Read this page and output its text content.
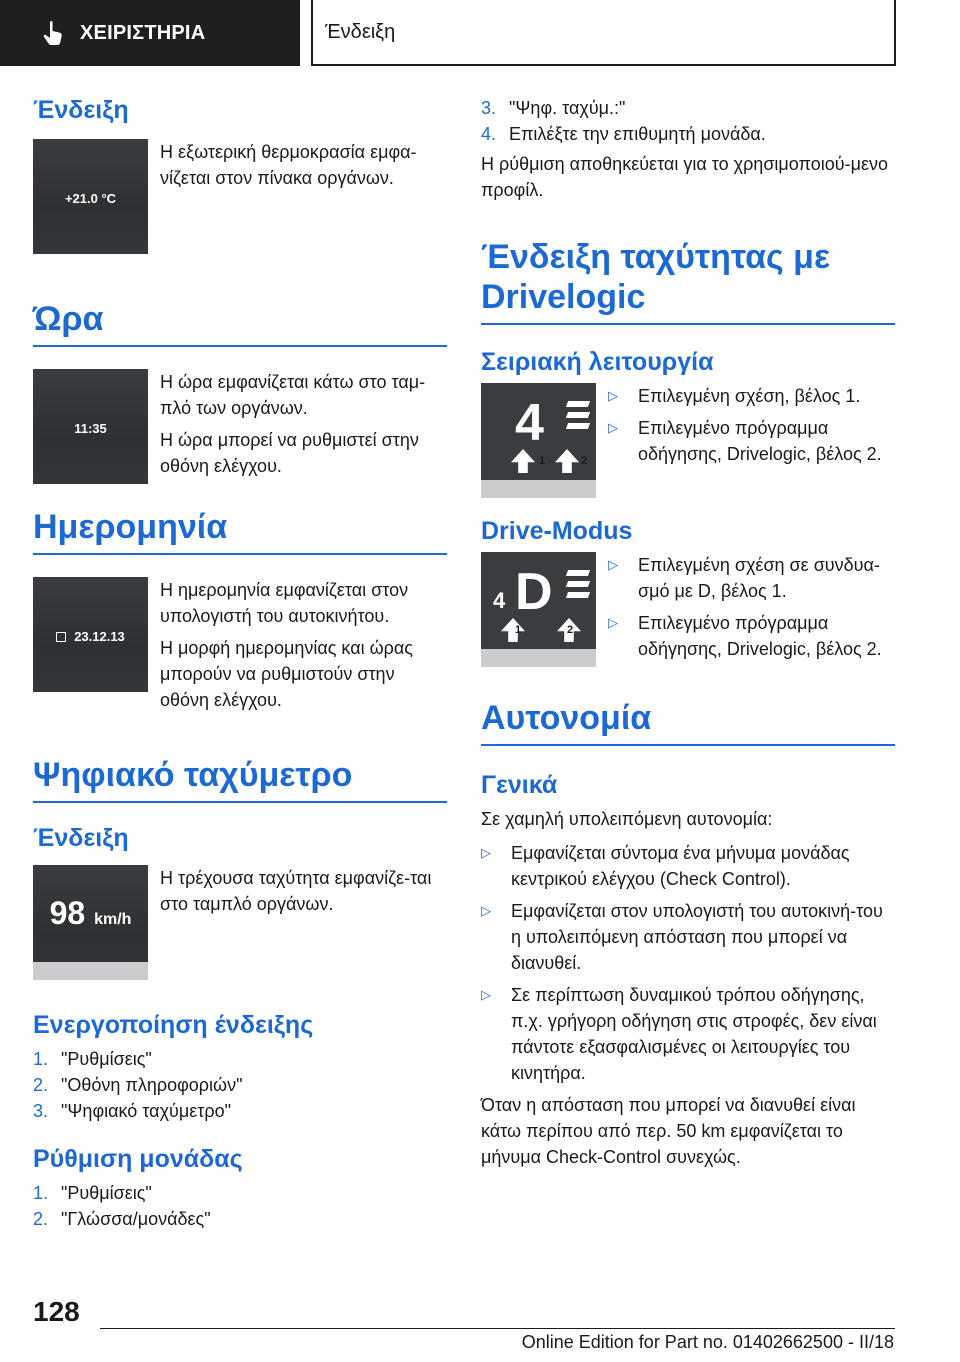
ΧΕΙΡΙΣΤΗΡΙΑ	Ένδειξη
Ένδειξη
+21.0 °C

Η εξωτερική θερμοκρασία εμφα-νίζεται στον πίνακα οργάνων.

Ώρα
11:35

Η ώρα εμφανίζεται κάτω στο ταμ-πλό των οργάνων.

Η ώρα μπορεί να ρυθμιστεί στην οθόνη ελέγχου.

Ημερομηνία
23.12.13

Η ημερομηνία εμφανίζεται στον υπολογιστή του αυτοκινήτου.

Η μορφή ημερομηνίας και ώρας μπορούν να ρυθμιστούν στην οθόνη ελέγχου.

Ψηφιακό ταχύμετρο
Ένδειξη
98 km/h

Η τρέχουσα ταχύτητα εμφανίζε-ται στο ταμπλό οργάνων.

Ενεργοποίηση ένδειξης
1. "Ρυθμίσεις"
2. "Οθόνη πληροφοριών"
3. "Ψηφιακό ταχύμετρο"
Ρύθμιση μονάδας
1. "Ρυθμίσεις"
2. "Γλώσσα/μονάδες"
3. "Ψηφ. ταχύμ.:"
4. Επιλέξτε την επιθυμητή μονάδα.

Η ρύθμιση αποθηκεύεται για το χρησιμοποιού-μενο προφίλ.

Ένδειξη ταχύτητας με Drivelogic
Σειριακή λειτουργία
4
1	2
▷	Επιλεγμένη σχέση, βέλος 1.
▷	Επιλεγμένο πρόγραμμα οδήγησης, Drivelogic, βέλος 2.
Drive-Modus
4 D
1	2
▷	Επιλεγμένη σχέση σε συνδυα-σμό με D, βέλος 1.
▷	Επιλεγμένο πρόγραμμα οδήγησης, Drivelogic, βέλος 2.
Αυτονομία
Γενικά

Σε χαμηλή υπολειπόμενη αυτονομία:

▷	Εμφανίζεται σύντομα ένα μήνυμα μονάδας κεντρικού ελέγχου (Check Control).
▷	Εμφανίζεται στον υπολογιστή του αυτοκινή-του η υπολειπόμενη απόσταση που μπορεί να διανυθεί.
▷	Σε περίπτωση δυναμικού τρόπου οδήγησης, π.χ. γρήγορη οδήγηση στις στροφές, δεν είναι πάντοτε εξασφαλισμένες οι λειτουργίες του κινητήρα.

Όταν η απόσταση που μπορεί να διανυθεί είναι κάτω περίπου από περ. 50 km εμφανίζεται το μήνυμα Check-Control συνεχώς.

128
Online Edition for Part no. 01402662500 - II/18
